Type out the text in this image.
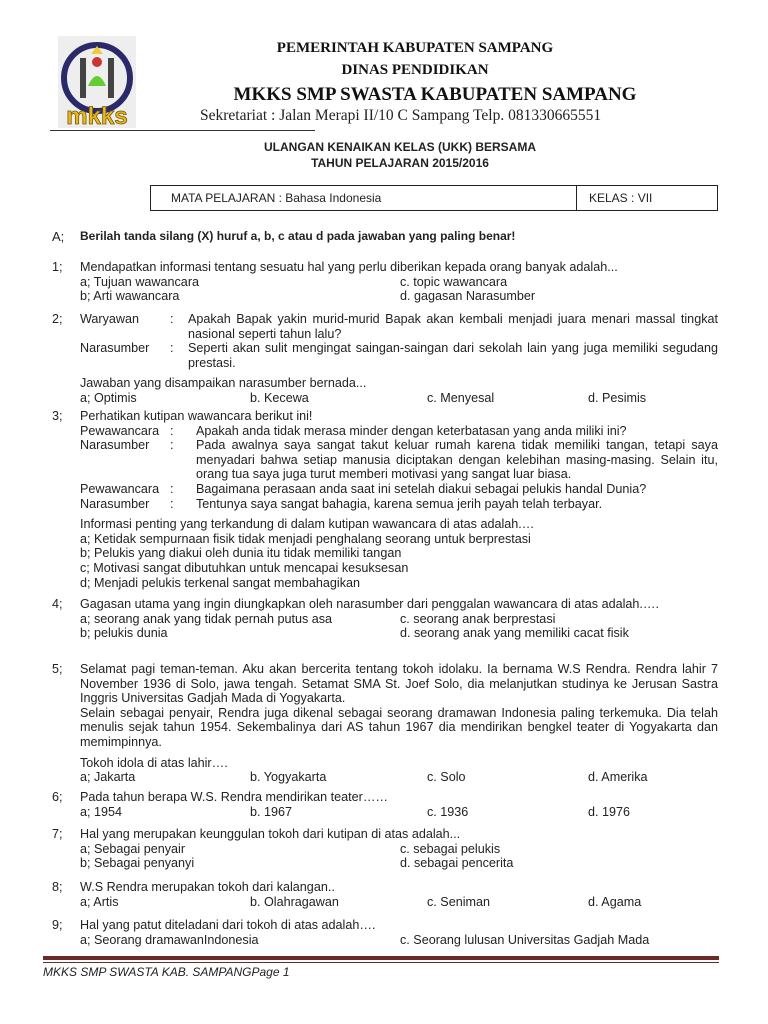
mkks
PEMERINTAH KABUPATEN SAMPANG
DINAS PENDIDIKAN
MKKS SMP SWASTA KABUPATEN SAMPANG
Sekretariat : Jalan Merapi II/10 C Sampang Telp. 081330665551
ULANGAN KENAIKAN KELAS (UKK) BERSAMA
TAHUN PELAJARAN 2015/2016
MATA PELAJARAN : Bahasa Indonesia	KELAS : VII
A; Berilah tanda silang (X) huruf a, b, c atau d pada jawaban yang paling benar!
1; Mendapatkan informasi tentang sesuatu hal yang perlu diberikan kepada orang banyak adalah...
a; Tujuan wawancara	c. topic wawancara
b; Arti wawancara	d. gagasan Narasumber
2; Waryawan	:	Apakah Bapak yakin murid-murid Bapak akan kembali menjadi juara menari massal tingkat nasional seperti tahun lalu?
Narasumber	:	Seperti akan sulit mengingat saingan-saingan dari sekolah lain yang juga memiliki segudang prestasi.
Jawaban yang disampaikan narasumber bernada...
a; Optimis	b. Kecewa	c. Menyesal	d. Pesimis
3; Perhatikan kutipan wawancara berikut ini!
Pewawancara :	Apakah anda tidak merasa minder dengan keterbatasan yang anda miliki ini?
Narasumber	:	Pada awalnya saya sangat takut keluar rumah karena tidak memiliki tangan, tetapi saya menyadari bahwa setiap manusia diciptakan dengan kelebihan masing-masing. Selain itu, orang tua saya juga turut memberi motivasi yang sangat luar biasa.
Pewawancara :	Bagaimana perasaan anda saat ini setelah diakui sebagai pelukis handal Dunia?
Narasumber	:	Tentunya saya sangat bahagia, karena semua jerih payah telah terbayar.
Informasi penting yang terkandung di dalam kutipan wawancara di atas adalah.…
a; Ketidak sempurnaan fisik tidak menjadi penghalang seorang untuk berprestasi
b; Pelukis yang diakui oleh dunia itu tidak memiliki tangan
c; Motivasi sangat dibutuhkan untuk mencapai kesuksesan
d; Menjadi pelukis terkenal sangat membahagikan
4; Gagasan utama yang ingin diungkapkan oleh narasumber dari penggalan wawancara di atas adalah.….
a; seorang anak yang tidak pernah putus asa	c. seorang anak berprestasi
b; pelukis dunia	d. seorang anak yang memiliki cacat fisik
5; Selamat pagi teman-teman. Aku akan bercerita tentang tokoh idolaku. Ia bernama W.S Rendra. Rendra lahir 7 November 1936 di Solo, jawa tengah. Setamat SMA St. Joef Solo, dia melanjutkan studinya ke Jerusan Sastra Inggris Universitas Gadjah Mada di Yogyakarta.
Selain sebagai penyair, Rendra juga dikenal sebagai seorang dramawan Indonesia paling terkemuka. Dia telah menulis sejak tahun 1954. Sekembalinya dari AS tahun 1967 dia mendirikan bengkel teater di Yogyakarta dan memimpinnya.
Tokoh idola di atas lahir….
a; Jakarta	b. Yogyakarta	c. Solo	d. Amerika
6; Pada tahun berapa W.S. Rendra mendirikan teater……
a; 1954	b. 1967	c. 1936	d. 1976
7; Hal yang merupakan keunggulan tokoh dari kutipan di atas adalah...
a; Sebagai penyair	c. sebagai pelukis
b; Sebagai penyanyi	d. sebagai pencerita
8; W.S Rendra merupakan tokoh dari kalangan..
a; Artis	b. Olahragawan	c. Seniman	d. Agama
9; Hal yang patut diteladani dari tokoh di atas adalah….
a; Seorang dramawanIndonesia	c. Seorang lulusan Universitas Gadjah Mada
MKKS SMP SWASTA KAB. SAMPANGPage 1
